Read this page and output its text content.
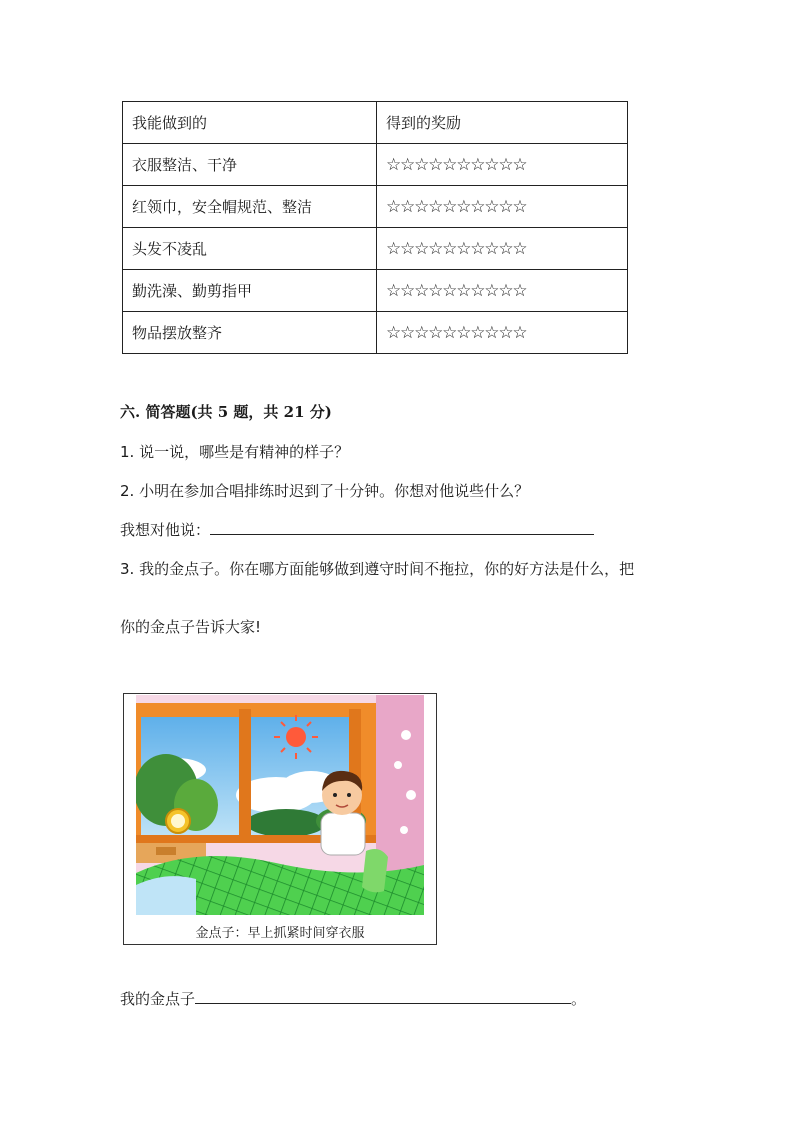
我能做到的	得到的奖励
衣服整洁、干净	☆☆☆☆☆☆☆☆☆☆
红领巾，安全帽规范、整洁	☆☆☆☆☆☆☆☆☆☆
头发不凌乱	☆☆☆☆☆☆☆☆☆☆
勤洗澡、勤剪指甲	☆☆☆☆☆☆☆☆☆☆
物品摆放整齐	☆☆☆☆☆☆☆☆☆☆
六. 简答题(共 5 题，共 21 分)
1. 说一说，哪些是有精神的样子？
2. 小明在参加合唱排练时迟到了十分钟。你想对他说些什么？
我想对他说：
3. 我的金点子。你在哪方面能够做到遵守时间不拖拉，你的好方法是什么，把
你的金点子告诉大家!
金点子：早上抓紧时间穿衣服
我的金点子	。
